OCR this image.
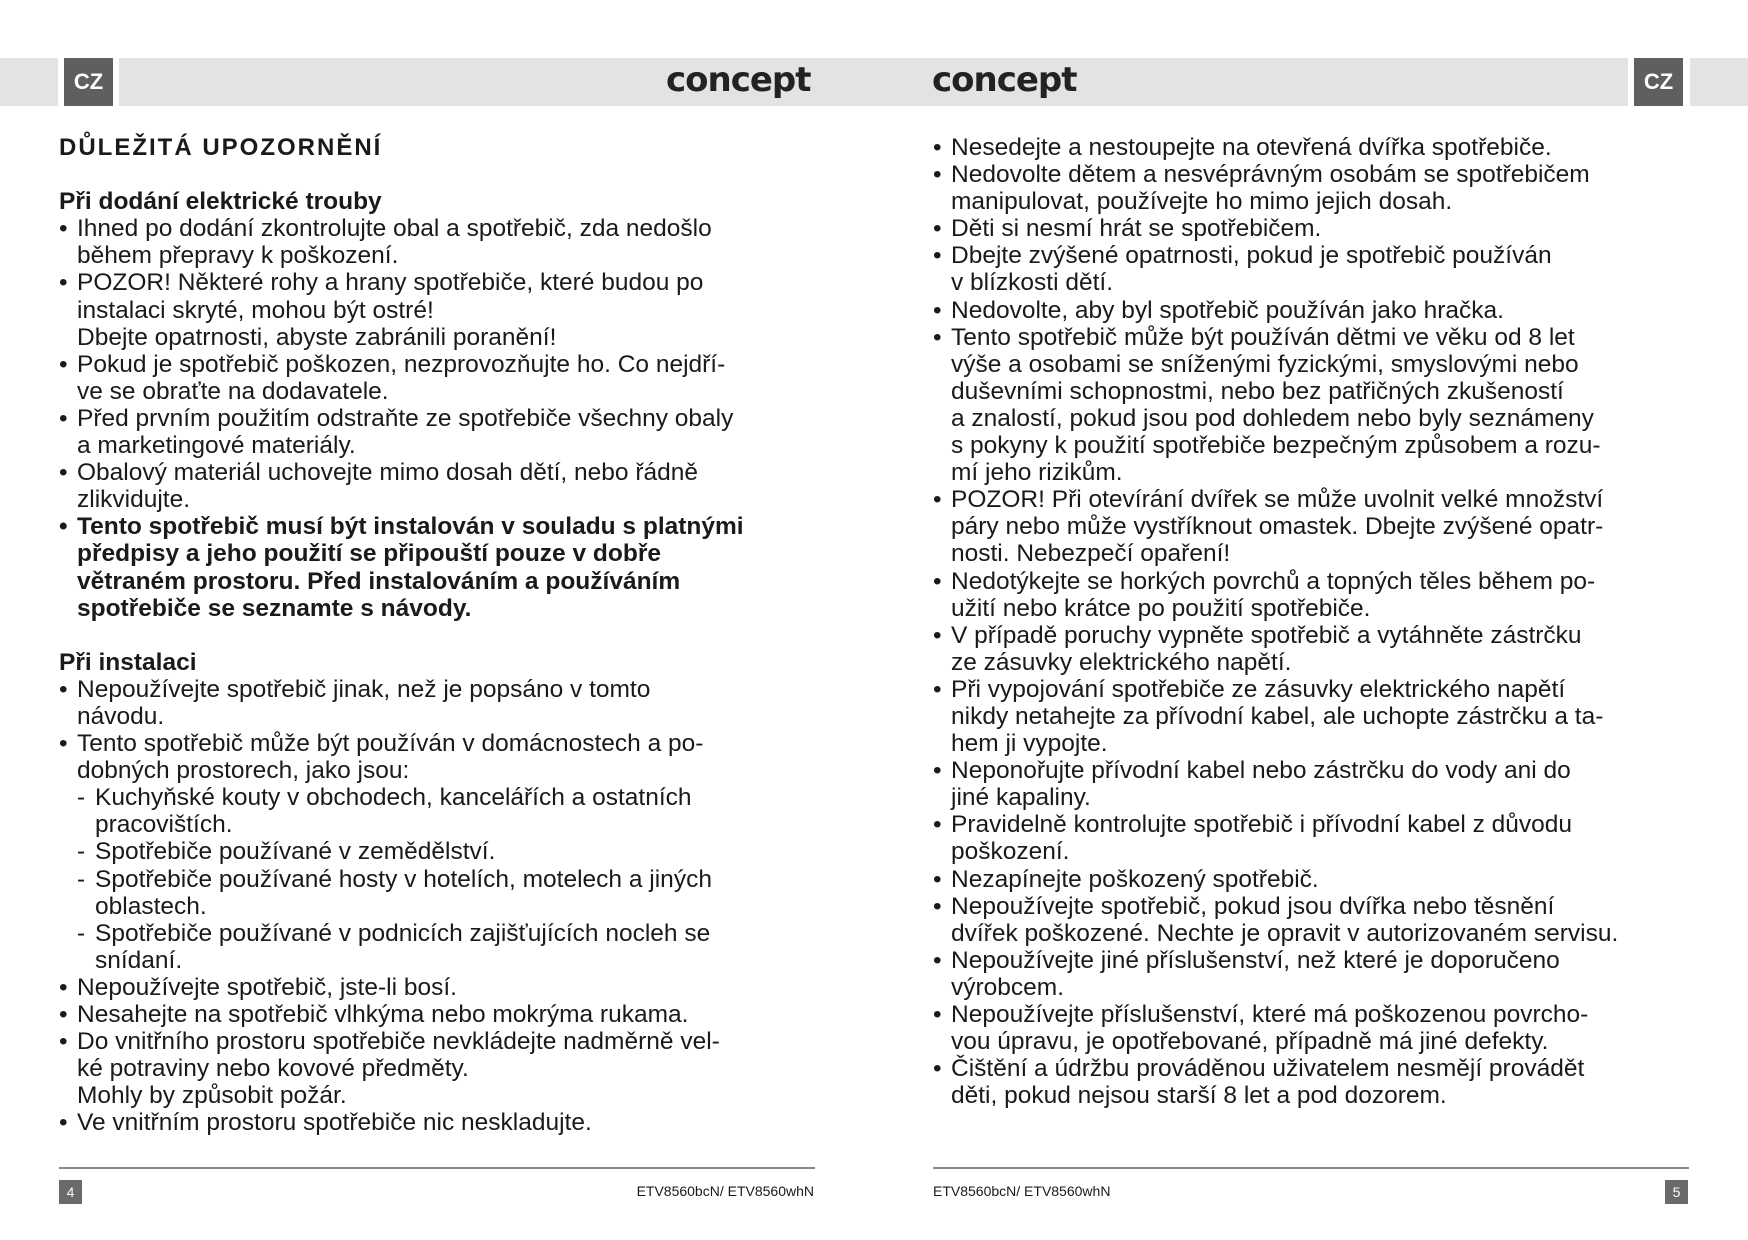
CZ	CZ
concept	concept
DŮLEŽITÁ UPOZORNĚNÍ
Při dodání elektrické trouby
• Ihned po dodání zkontrolujte obal a spotřebič, zda nedošlo
během přepravy k poškození.
• POZOR! Některé rohy a hrany spotřebiče, které budou po
instalaci skryté, mohou být ostré!
Dbejte opatrnosti, abyste zabránili poranění!
• Pokud je spotřebič poškozen, nezprovozňujte ho. Co nejdří-
ve se obraťte na dodavatele.
• Před prvním použitím odstraňte ze spotřebiče všechny obaly
a marketingové materiály.
• Obalový materiál uchovejte mimo dosah dětí, nebo řádně
zlikvidujte.
• Tento spotřebič musí být instalován v souladu s platnými
předpisy a jeho použití se připouští pouze v dobře
větraném prostoru. Před instalováním a používáním
spotřebiče se seznamte s návody.
Při instalaci
• Nepoužívejte spotřebič jinak, než je popsáno v tomto
návodu.
• Tento spotřebič může být používán v domácnostech a po-
dobných prostorech, jako jsou:
- Kuchyňské kouty v obchodech, kancelářích a ostatních
pracovištích.
- Spotřebiče používané v zemědělství.
- Spotřebiče používané hosty v hotelích, motelech a jiných
oblastech.
- Spotřebiče používané v podnicích zajišťujících nocleh se
snídaní.
• Nepoužívejte spotřebič, jste-li bosí.
• Nesahejte na spotřebič vlhkýma nebo mokrýma rukama.
• Do vnitřního prostoru spotřebiče nevkládejte nadměrně vel-
ké potraviny nebo kovové předměty.
Mohly by způsobit požár.
• Ve vnitřním prostoru spotřebiče nic neskladujte.
• Nesedejte a nestoupejte na otevřená dvířka spotřebiče.
• Nedovolte dětem a nesvéprávným osobám se spotřebičem
manipulovat, používejte ho mimo jejich dosah.
• Děti si nesmí hrát se spotřebičem.
• Dbejte zvýšené opatrnosti, pokud je spotřebič používán
v blízkosti dětí.
• Nedovolte, aby byl spotřebič používán jako hračka.
• Tento spotřebič může být používán dětmi ve věku od 8 let
výše a osobami se sníženými fyzickými, smyslovými nebo
duševními schopnostmi, nebo bez patřičných zkušeností
a znalostí, pokud jsou pod dohledem nebo byly seznámeny
s pokyny k použití spotřebiče bezpečným způsobem a rozu-
mí jeho rizikům.
• POZOR! Při otevírání dvířek se může uvolnit velké množství
páry nebo může vystříknout omastek. Dbejte zvýšené opatr-
nosti. Nebezpečí opaření!
• Nedotýkejte se horkých povrchů a topných těles během po-
užití nebo krátce po použití spotřebiče.
• V případě poruchy vypněte spotřebič a vytáhněte zástrčku
ze zásuvky elektrického napětí.
• Při vypojování spotřebiče ze zásuvky elektrického napětí
nikdy netahejte za přívodní kabel, ale uchopte zástrčku a ta-
hem ji vypojte.
• Neponořujte přívodní kabel nebo zástrčku do vody ani do
jiné kapaliny.
• Pravidelně kontrolujte spotřebič i přívodní kabel z důvodu
poškození.
• Nezapínejte poškozený spotřebič.
• Nepoužívejte spotřebič, pokud jsou dvířka nebo těsnění
dvířek poškozené. Nechte je opravit v autorizovaném servisu.
• Nepoužívejte jiné příslušenství, než které je doporučeno
výrobcem.
• Nepoužívejte příslušenství, které má poškozenou povrcho-
vou úpravu, je opotřebované, případně má jiné defekty.
• Čištění a údržbu prováděnou uživatelem nesmějí provádět
děti, pokud nejsou starší 8 let a pod dozorem.
4	5
ETV8560bcN/ ETV8560whN	ETV8560bcN/ ETV8560whN
